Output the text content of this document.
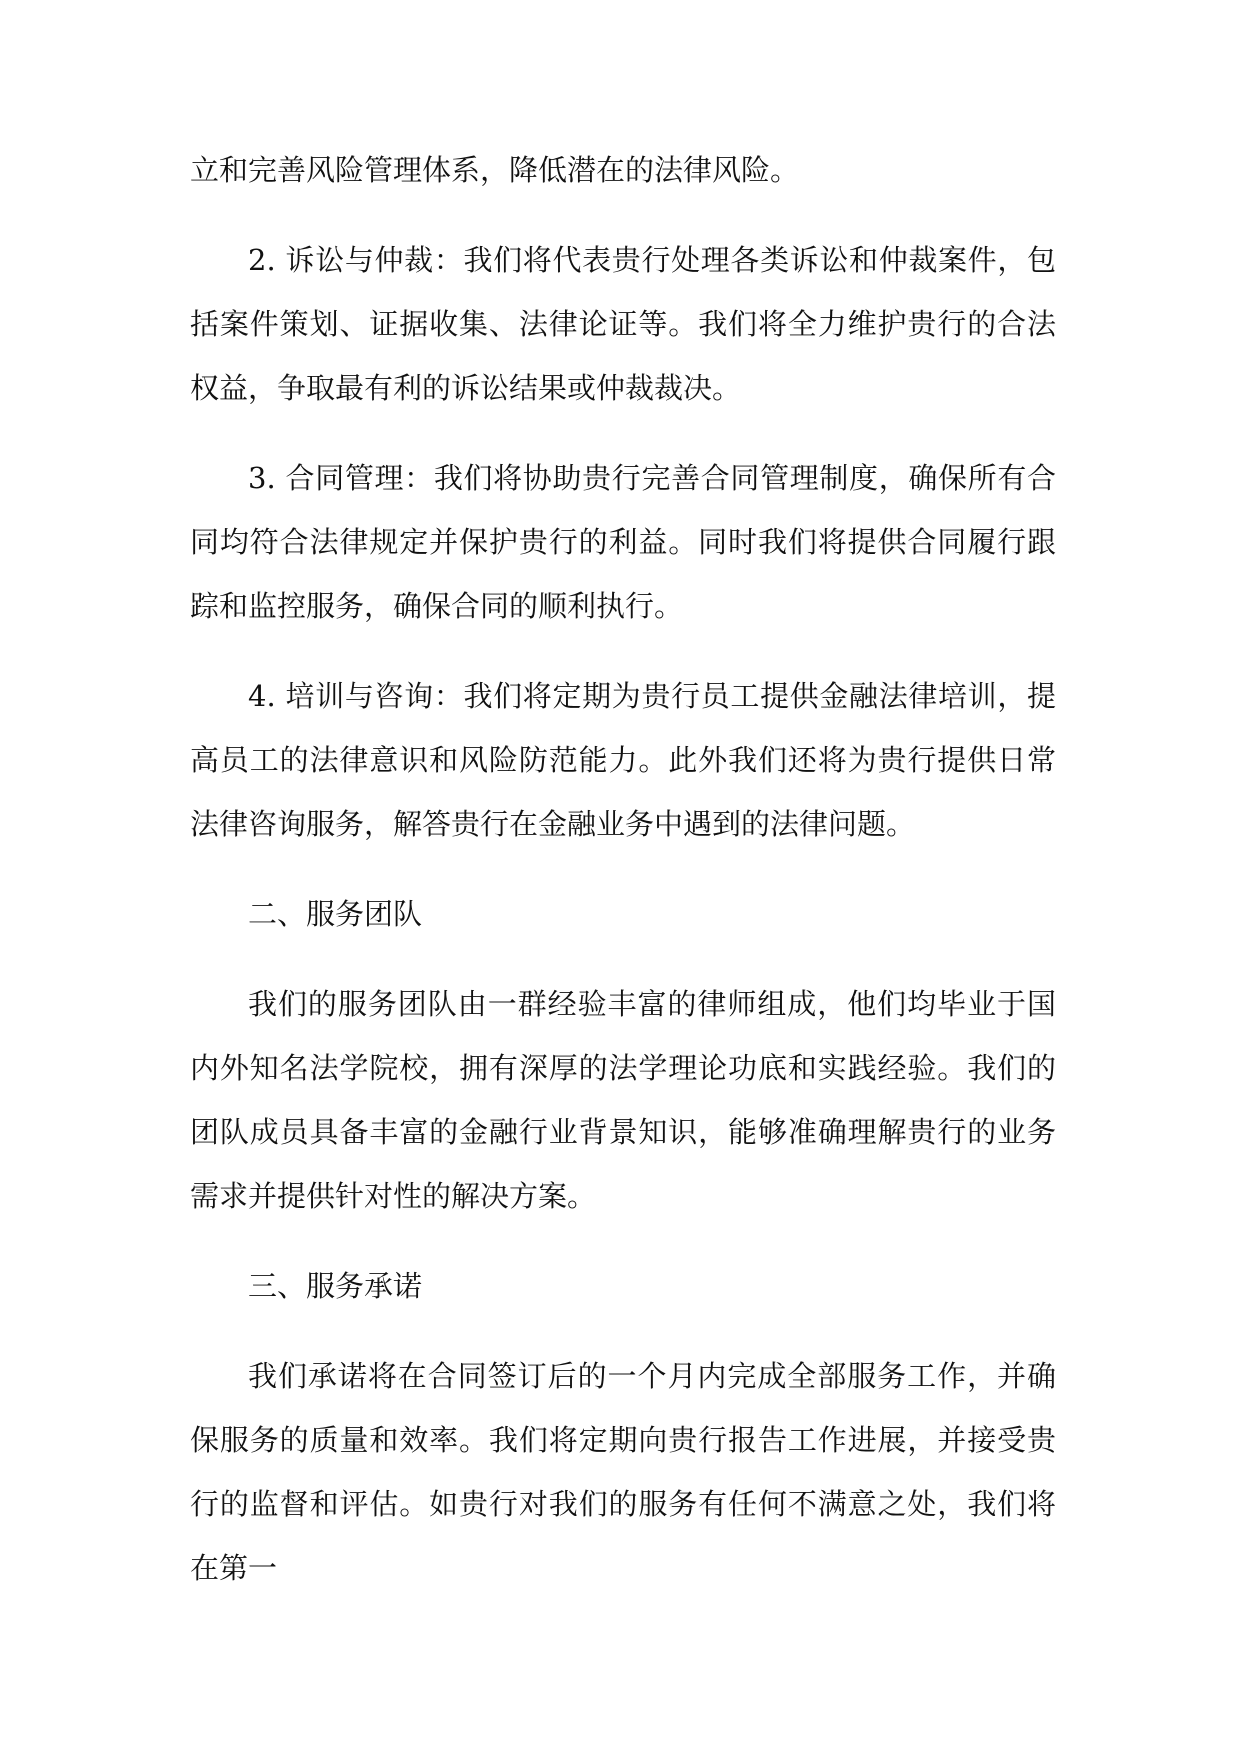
立和完善风险管理体系，降低潜在的法律风险。

2. 诉讼与仲裁：我们将代表贵行处理各类诉讼和仲裁案件，包括案件策划、证据收集、法律论证等。我们将全力维护贵行的合法权益，争取最有利的诉讼结果或仲裁裁决。

3. 合同管理：我们将协助贵行完善合同管理制度，确保所有合同均符合法律规定并保护贵行的利益。同时我们将提供合同履行跟踪和监控服务，确保合同的顺利执行。

4. 培训与咨询：我们将定期为贵行员工提供金融法律培训，提高员工的法律意识和风险防范能力。此外我们还将为贵行提供日常法律咨询服务，解答贵行在金融业务中遇到的法律问题。

二、服务团队

我们的服务团队由一群经验丰富的律师组成，他们均毕业于国内外知名法学院校，拥有深厚的法学理论功底和实践经验。我们的团队成员具备丰富的金融行业背景知识，能够准确理解贵行的业务需求并提供针对性的解决方案。

三、服务承诺

我们承诺将在合同签订后的一个月内完成全部服务工作，并确保服务的质量和效率。我们将定期向贵行报告工作进展，并接受贵行的监督和评估。如贵行对我们的服务有任何不满意之处，我们将在第一
